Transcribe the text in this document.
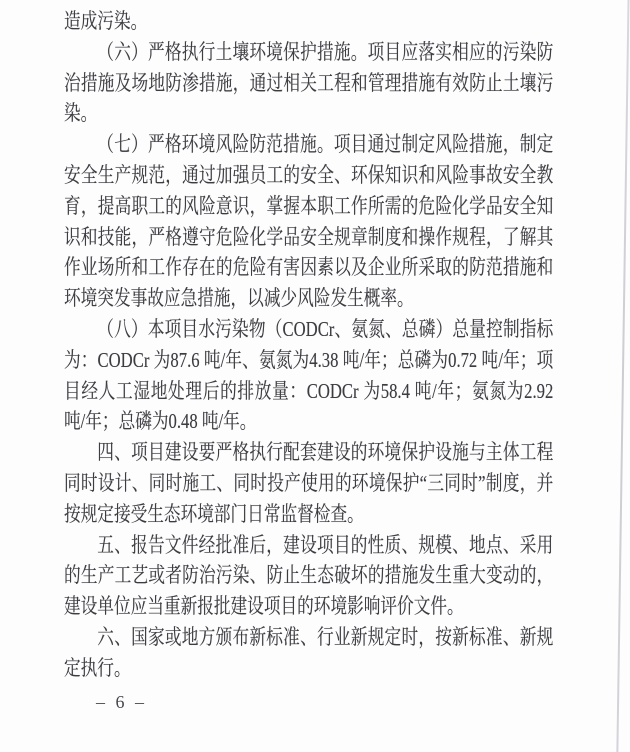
造成污染。

（六）严格执行土壤环境保护措施。项目应落实相应的污染防治措施及场地防渗措施，通过相关工程和管理措施有效防止土壤污染。

（七）严格环境风险防范措施。项目通过制定风险措施，制定安全生产规范，通过加强员工的安全、环保知识和风险事故安全教育，提高职工的风险意识，掌握本职工作所需的危险化学品安全知识和技能，严格遵守危险化学品安全规章制度和操作规程，了解其作业场所和工作存在的危险有害因素以及企业所采取的防范措施和环境突发事故应急措施，以减少风险发生概率。

（八）本项目水污染物（CODCr、氨氮、总磷）总量控制指标为：CODCr 为87.6 吨/年、氨氮为4.38 吨/年；总磷为0.72 吨/年；项目经人工湿地处理后的排放量：CODCr 为58.4 吨/年；氨氮为2.92 吨/年；总磷为0.48 吨/年。

四、项目建设要严格执行配套建设的环境保护设施与主体工程同时设计、同时施工、同时投产使用的环境保护“三同时”制度，并按规定接受生态环境部门日常监督检查。

五、报告文件经批准后，建设项目的性质、规模、地点、采用的生产工艺或者防治污染、防止生态破坏的措施发生重大变动的，建设单位应当重新报批建设项目的环境影响评价文件。

六、国家或地方颁布新标准、行业新规定时，按新标准、新规定执行。

– 6 –
